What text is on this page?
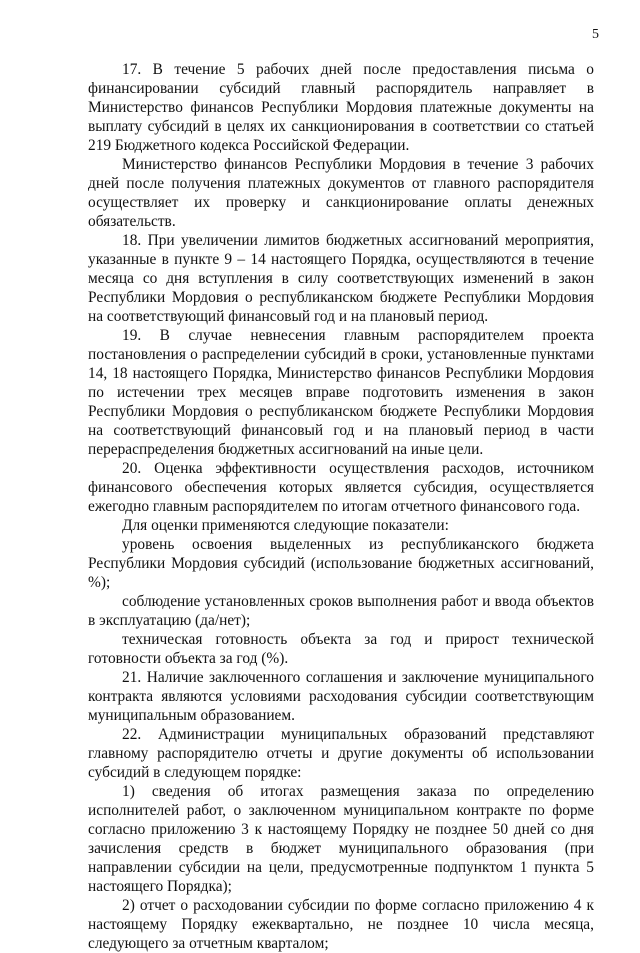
5

17. В течение 5 рабочих дней после предоставления письма о финансировании субсидий главный распорядитель направляет в Министерство финансов Республики Мордовия платежные документы на выплату субсидий в целях их санкционирования в соответствии со статьей 219 Бюджетного кодекса Российской Федерации.

Министерство финансов Республики Мордовия в течение 3 рабочих дней после получения платежных документов от главного распорядителя осуществляет их проверку и санкционирование оплаты денежных обязательств.

18. При увеличении лимитов бюджетных ассигнований мероприятия, указанные в пункте 9 – 14 настоящего Порядка, осуществляются в течение месяца со дня вступления в силу соответствующих изменений в закон Республики Мордовия о республиканском бюджете Республики Мордовия на соответствующий финансовый год и на плановый период.

19. В случае невнесения главным распорядителем проекта постановления о распределении субсидий в сроки, установленные пунктами 14, 18 настоящего Порядка, Министерство финансов Республики Мордовия по истечении трех месяцев вправе подготовить изменения в закон Республики Мордовия о республиканском бюджете Республики Мордовия на соответствующий финансовый год и на плановый период в части перераспределения бюджетных ассигнований на иные цели.

20. Оценка эффективности осуществления расходов, источником финансового обеспечения которых является субсидия, осуществляется ежегодно главным распорядителем по итогам отчетного финансового года.

Для оценки применяются следующие показатели:

уровень освоения выделенных из республиканского бюджета Республики Мордовия субсидий (использование бюджетных ассигнований, %);

соблюдение установленных сроков выполнения работ и ввода объектов в эксплуатацию (да/нет);

техническая готовность объекта за год и прирост технической готовности объекта за год (%).

21. Наличие заключенного соглашения и заключение муниципального контракта являются условиями расходования субсидии соответствующим муниципальным образованием.

22. Администрации муниципальных образований представляют главному распорядителю отчеты и другие документы об использовании субсидий в следующем порядке:

1) сведения об итогах размещения заказа по определению исполнителей работ, о заключенном муниципальном контракте по форме согласно приложению 3 к настоящему Порядку не позднее 50 дней со дня зачисления средств в бюджет муниципального образования (при направлении субсидии на цели, предусмотренные подпунктом 1 пункта 5 настоящего Порядка);

2) отчет о расходовании субсидии по форме согласно приложению 4 к настоящему Порядку ежеквартально, не позднее 10 числа месяца, следующего за отчетным кварталом;
